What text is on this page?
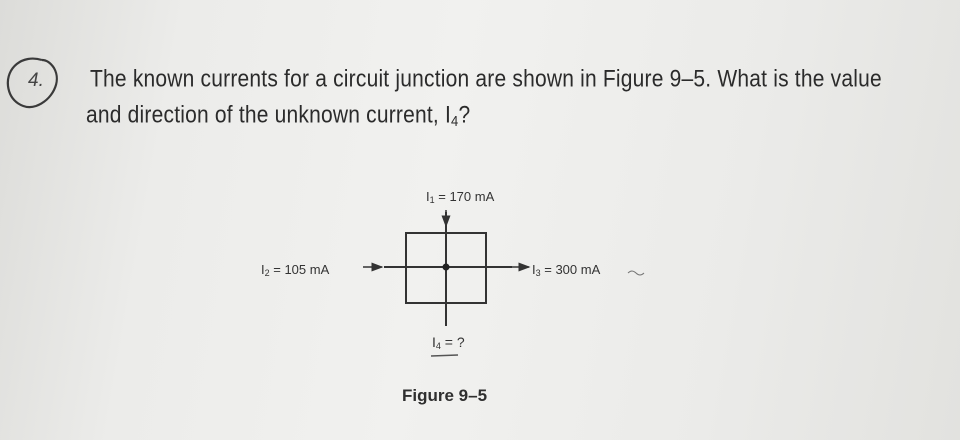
4. The known currents for a circuit junction are shown in Figure 9–5. What is the value
and direction of the unknown current, $I_4$?
$I_1 = 170$ mA
$I_2 = 105$ mA	$I_3 = 300$ mA
$I_4$ = ?
Figure 9–5
